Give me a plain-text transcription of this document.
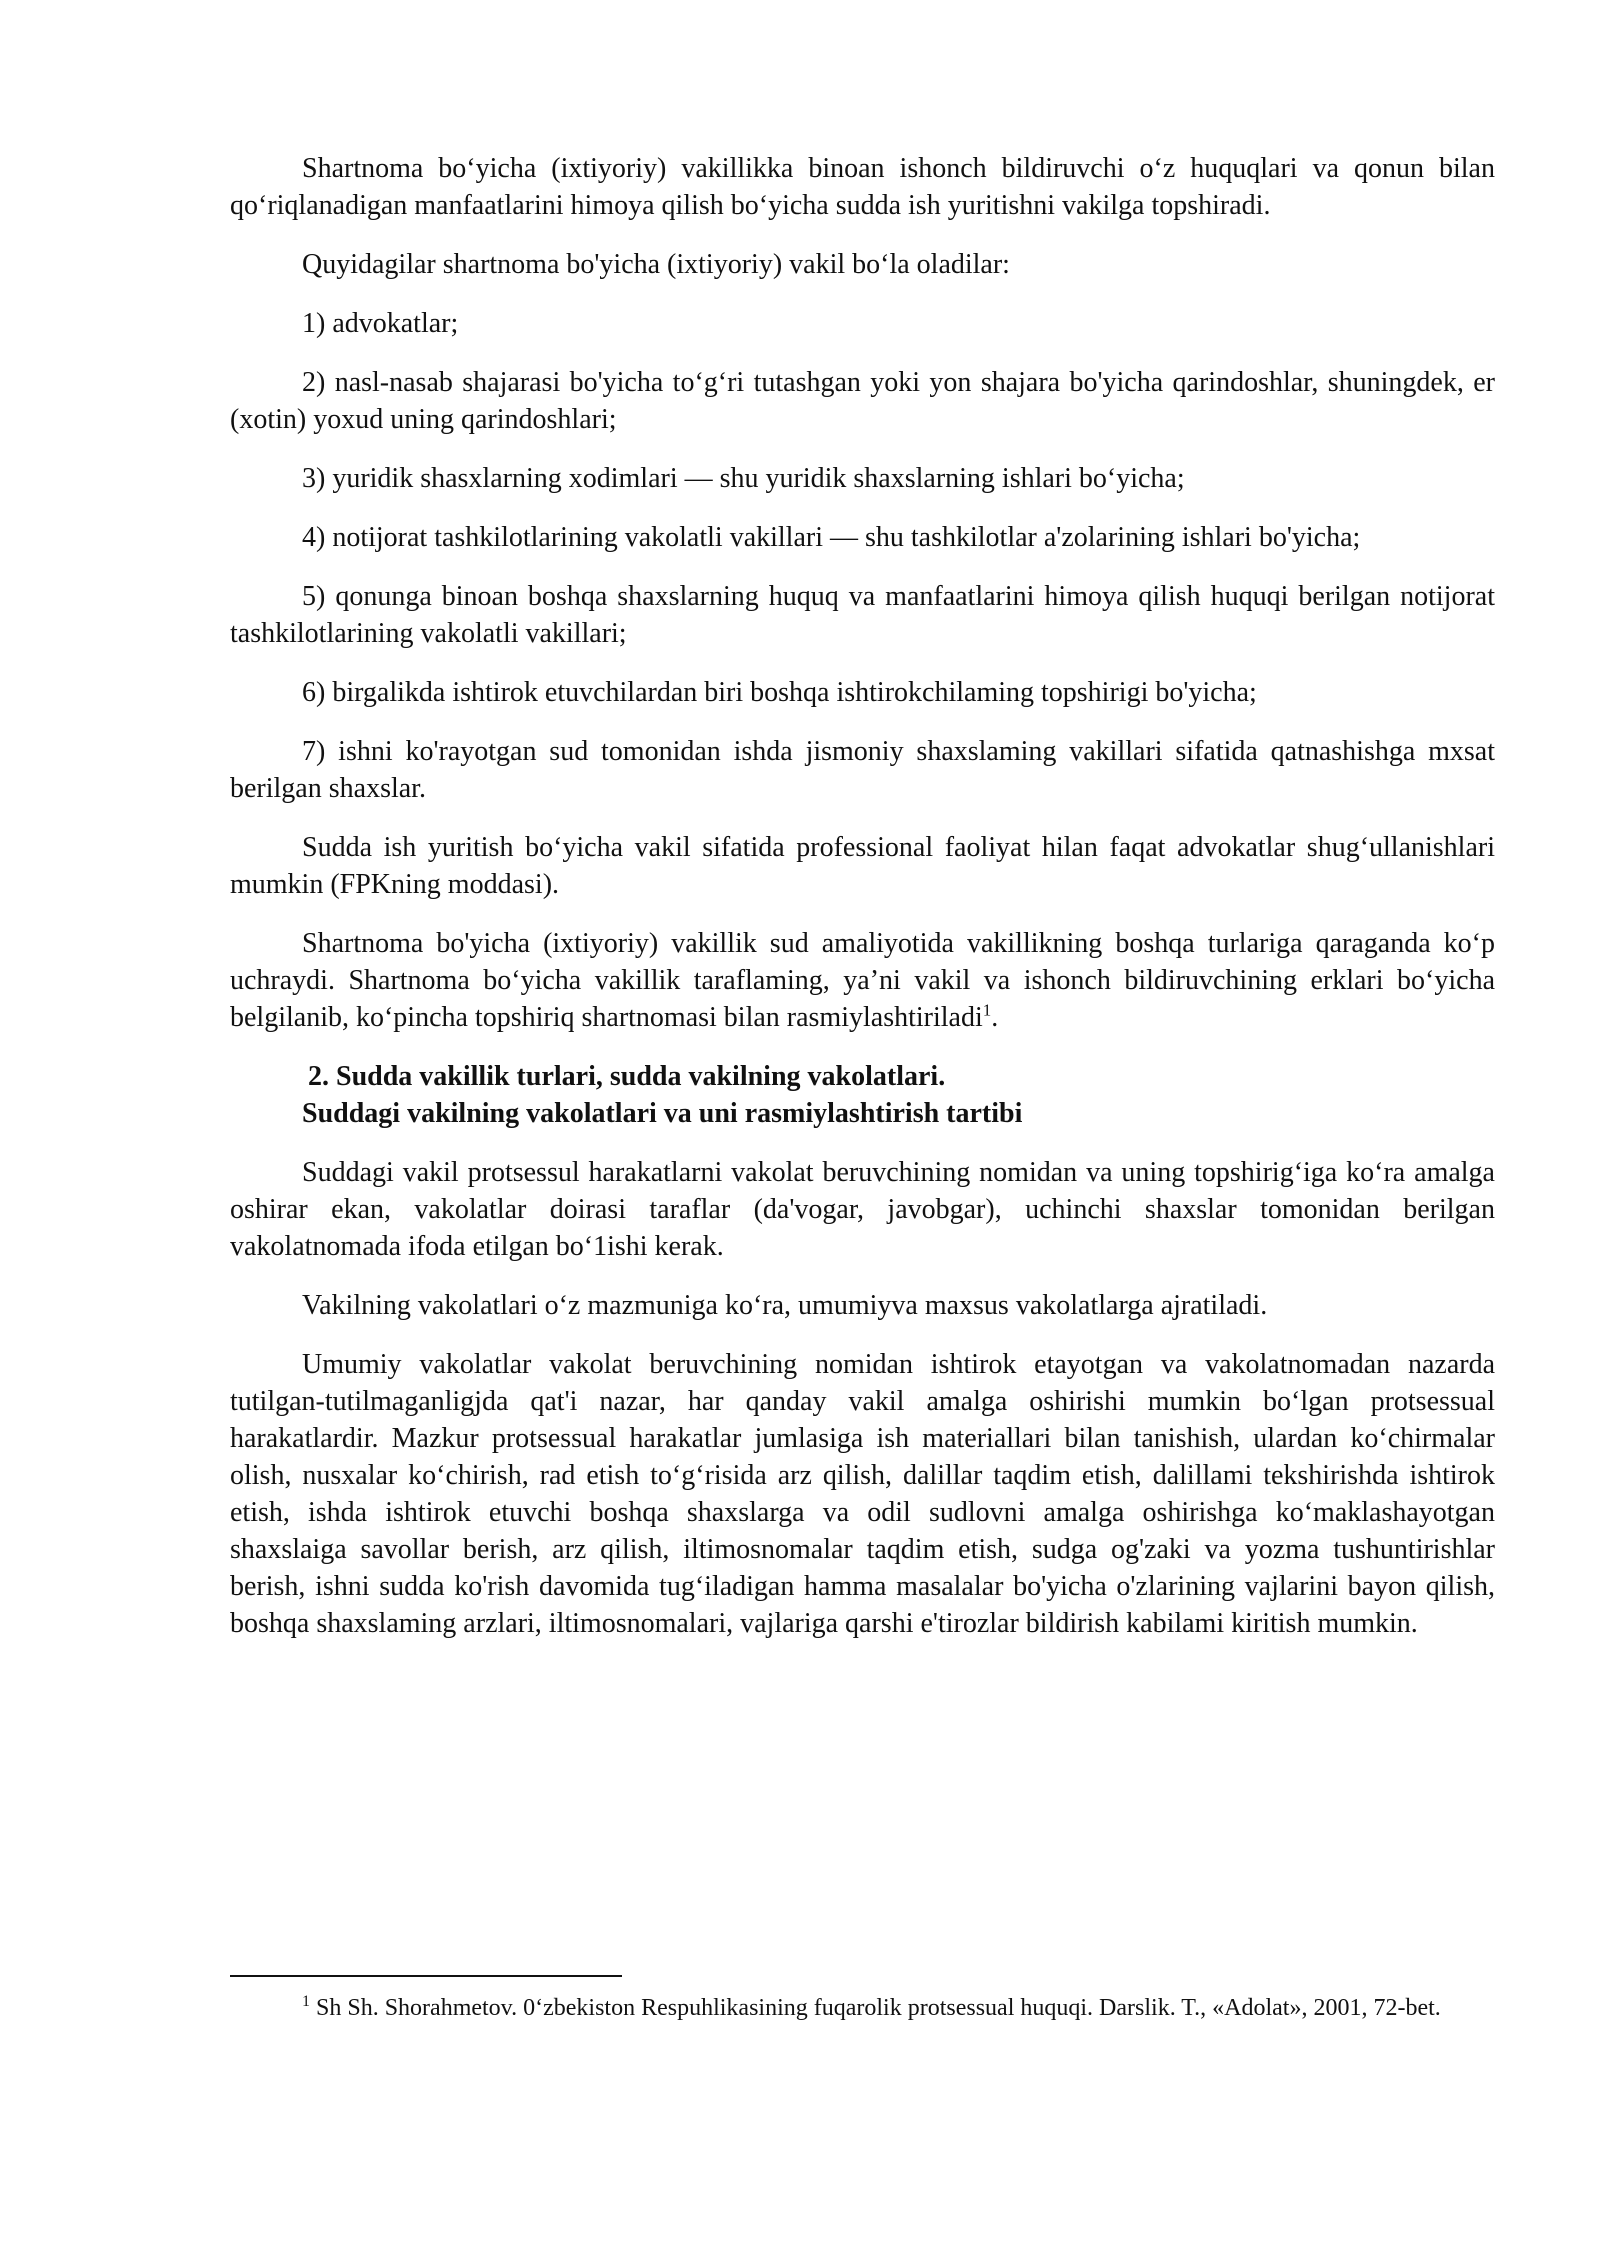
Shartnoma bo‘yicha (ixtiyoriy) vakillikka binoan ishonch bildiruvchi o‘z huquqlari va qonun bilan qo‘riqlanadigan manfaatlarini himoya qilish bo‘yicha sudda ish yuritishni vakilga topshiradi.

Quyidagilar shartnoma bo'yicha (ixtiyoriy) vakil bo‘la oladilar:

1) advokatlar;

2) nasl-nasab shajarasi bo'yicha to‘g‘ri tutashgan yoki yon shajara bo'yicha qarindoshlar, shuningdek, er (xotin) yoxud uning qarindoshlari;

3) yuridik shasxlarning xodimlari — shu yuridik shaxslarning ishlari bo‘yicha;

4) notijorat tashkilotlarining vakolatli vakillari — shu tashkilotlar a'zolarining ishlari bo'yicha;

5) qonunga binoan boshqa shaxslarning huquq va manfaatlarini himoya qilish huquqi berilgan notijorat tashkilotlarining vakolatli vakillari;

6) birgalikda ishtirok etuvchilardan biri boshqa ishtirokchilaming topshirigi bo'yicha;

7) ishni ko'rayotgan sud tomonidan ishda jismoniy shaxslaming vakillari sifatida qatnashishga mxsat berilgan shaxslar.

Sudda ish yuritish bo‘yicha vakil sifatida professional faoliyat hilan faqat advokatlar shug‘ullanishlari mumkin (FPKning moddasi).

Shartnoma bo'yicha (ixtiyoriy) vakillik sud amaliyotida vakillikning boshqa turlariga qaraganda ko‘p uchraydi. Shartnoma bo‘yicha vakillik taraflaming, ya’ni vakil va ishonch bildiruvchining erklari bo‘yicha belgilanib, ko‘pincha topshiriq shartnomasi bilan rasmiylashtiriladi$^1$.

2. Sudda vakillik turlari, sudda vakilning vakolatlari.
Suddagi vakilning vakolatlari va uni rasmiylashtirish tartibi

Suddagi vakil protsessul harakatlarni vakolat beruvchining nomidan va uning topshirig‘iga ko‘ra amalga oshirar ekan, vakolatlar doirasi taraflar (da'vogar, javobgar), uchinchi shaxslar tomonidan berilgan vakolatnomada ifoda etilgan bo‘1ishi kerak.

Vakilning vakolatlari o‘z mazmuniga ko‘ra, umumiyva maxsus vakolatlarga ajratiladi.

Umumiy vakolatlar vakolat beruvchining nomidan ishtirok etayotgan va vakolatnomadan nazarda tutilgan-tutilmaganligjda qat'i nazar, har qanday vakil amalga oshirishi mumkin bo‘lgan protsessual harakatlardir. Mazkur protsessual harakatlar jumlasiga ish materiallari bilan tanishish, ulardan ko‘chirmalar olish, nusxalar ko‘chirish, rad etish to‘g‘risida arz qilish, dalillar taqdim etish, dalillami tekshirishda ishtirok etish, ishda ishtirok etuvchi boshqa shaxslarga va odil sudlovni amalga oshirishga ko‘maklashayotgan shaxslaiga savollar berish, arz qilish, iltimosnomalar taqdim etish, sudga og'zaki va yozma tushuntirishlar berish, ishni sudda ko'rish davomida tug‘iladigan hamma masalalar bo'yicha o'zlarining vajlarini bayon qilish, boshqa shaxslaming arzlari, iltimosnomalari, vajlariga qarshi e'tirozlar bildirish kabilami kiritish mumkin.

$^1$ Sh Sh. Shorahmetov. 0‘zbekiston Respuhlikasining fuqarolik protsessual huquqi. Darslik. T., «Adolat», 2001, 72-bet.
